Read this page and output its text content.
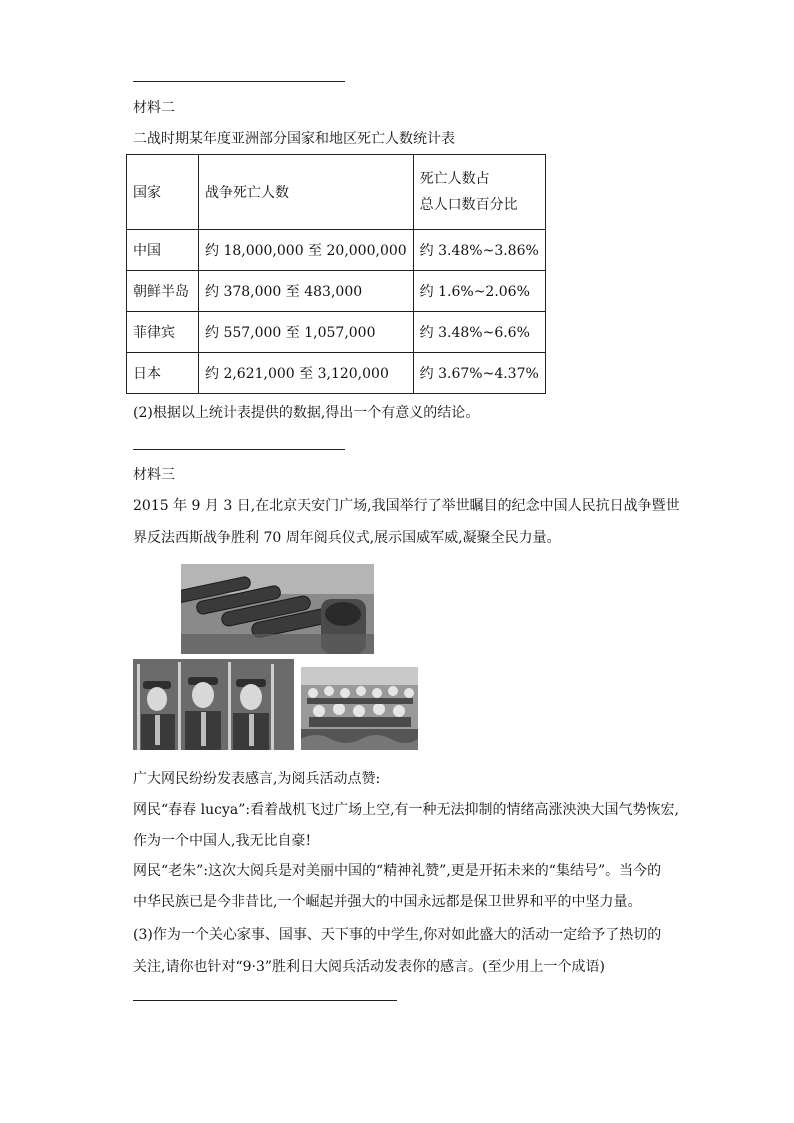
材料二
二战时期某年度亚洲部分国家和地区死亡人数统计表
国家	战争死亡人数	死亡人数占
总人口数百分比

中国	约 18,000,000 至 20,000,000	约 3.48%~3.86%
朝鲜半岛	约 378,000 至 483,000	约 1.6%~2.06%
菲律宾	约 557,000 至 1,057,000	约 3.48%~6.6%
日本	约 2,621,000 至 3,120,000	约 3.67%~4.37%
(2)根据以上统计表提供的数据,得出一个有意义的结论。
材料三
2015 年 9 月 3 日,在北京天安门广场,我国举行了举世瞩目的纪念中国人民抗日战争暨世
界反法西斯战争胜利 70 周年阅兵仪式,展示国威军威,凝聚全民力量。
广大网民纷纷发表感言,为阅兵活动点赞:
网民“春春 lucya”:看着战机飞过广场上空,有一种无法抑制的情绪高涨泱泱大国气势恢宏,
作为一个中国人,我无比自豪!
网民“老朱”:这次大阅兵是对美丽中国的“精神礼赞”,更是开拓未来的“集结号”。当今的
中华民族已是今非昔比,一个崛起并强大的中国永远都是保卫世界和平的中坚力量。
(3)作为一个关心家事、国事、天下事的中学生,你对如此盛大的活动一定给予了热切的
关注,请你也针对“9·3”胜利日大阅兵活动发表你的感言。(至少用上一个成语)
